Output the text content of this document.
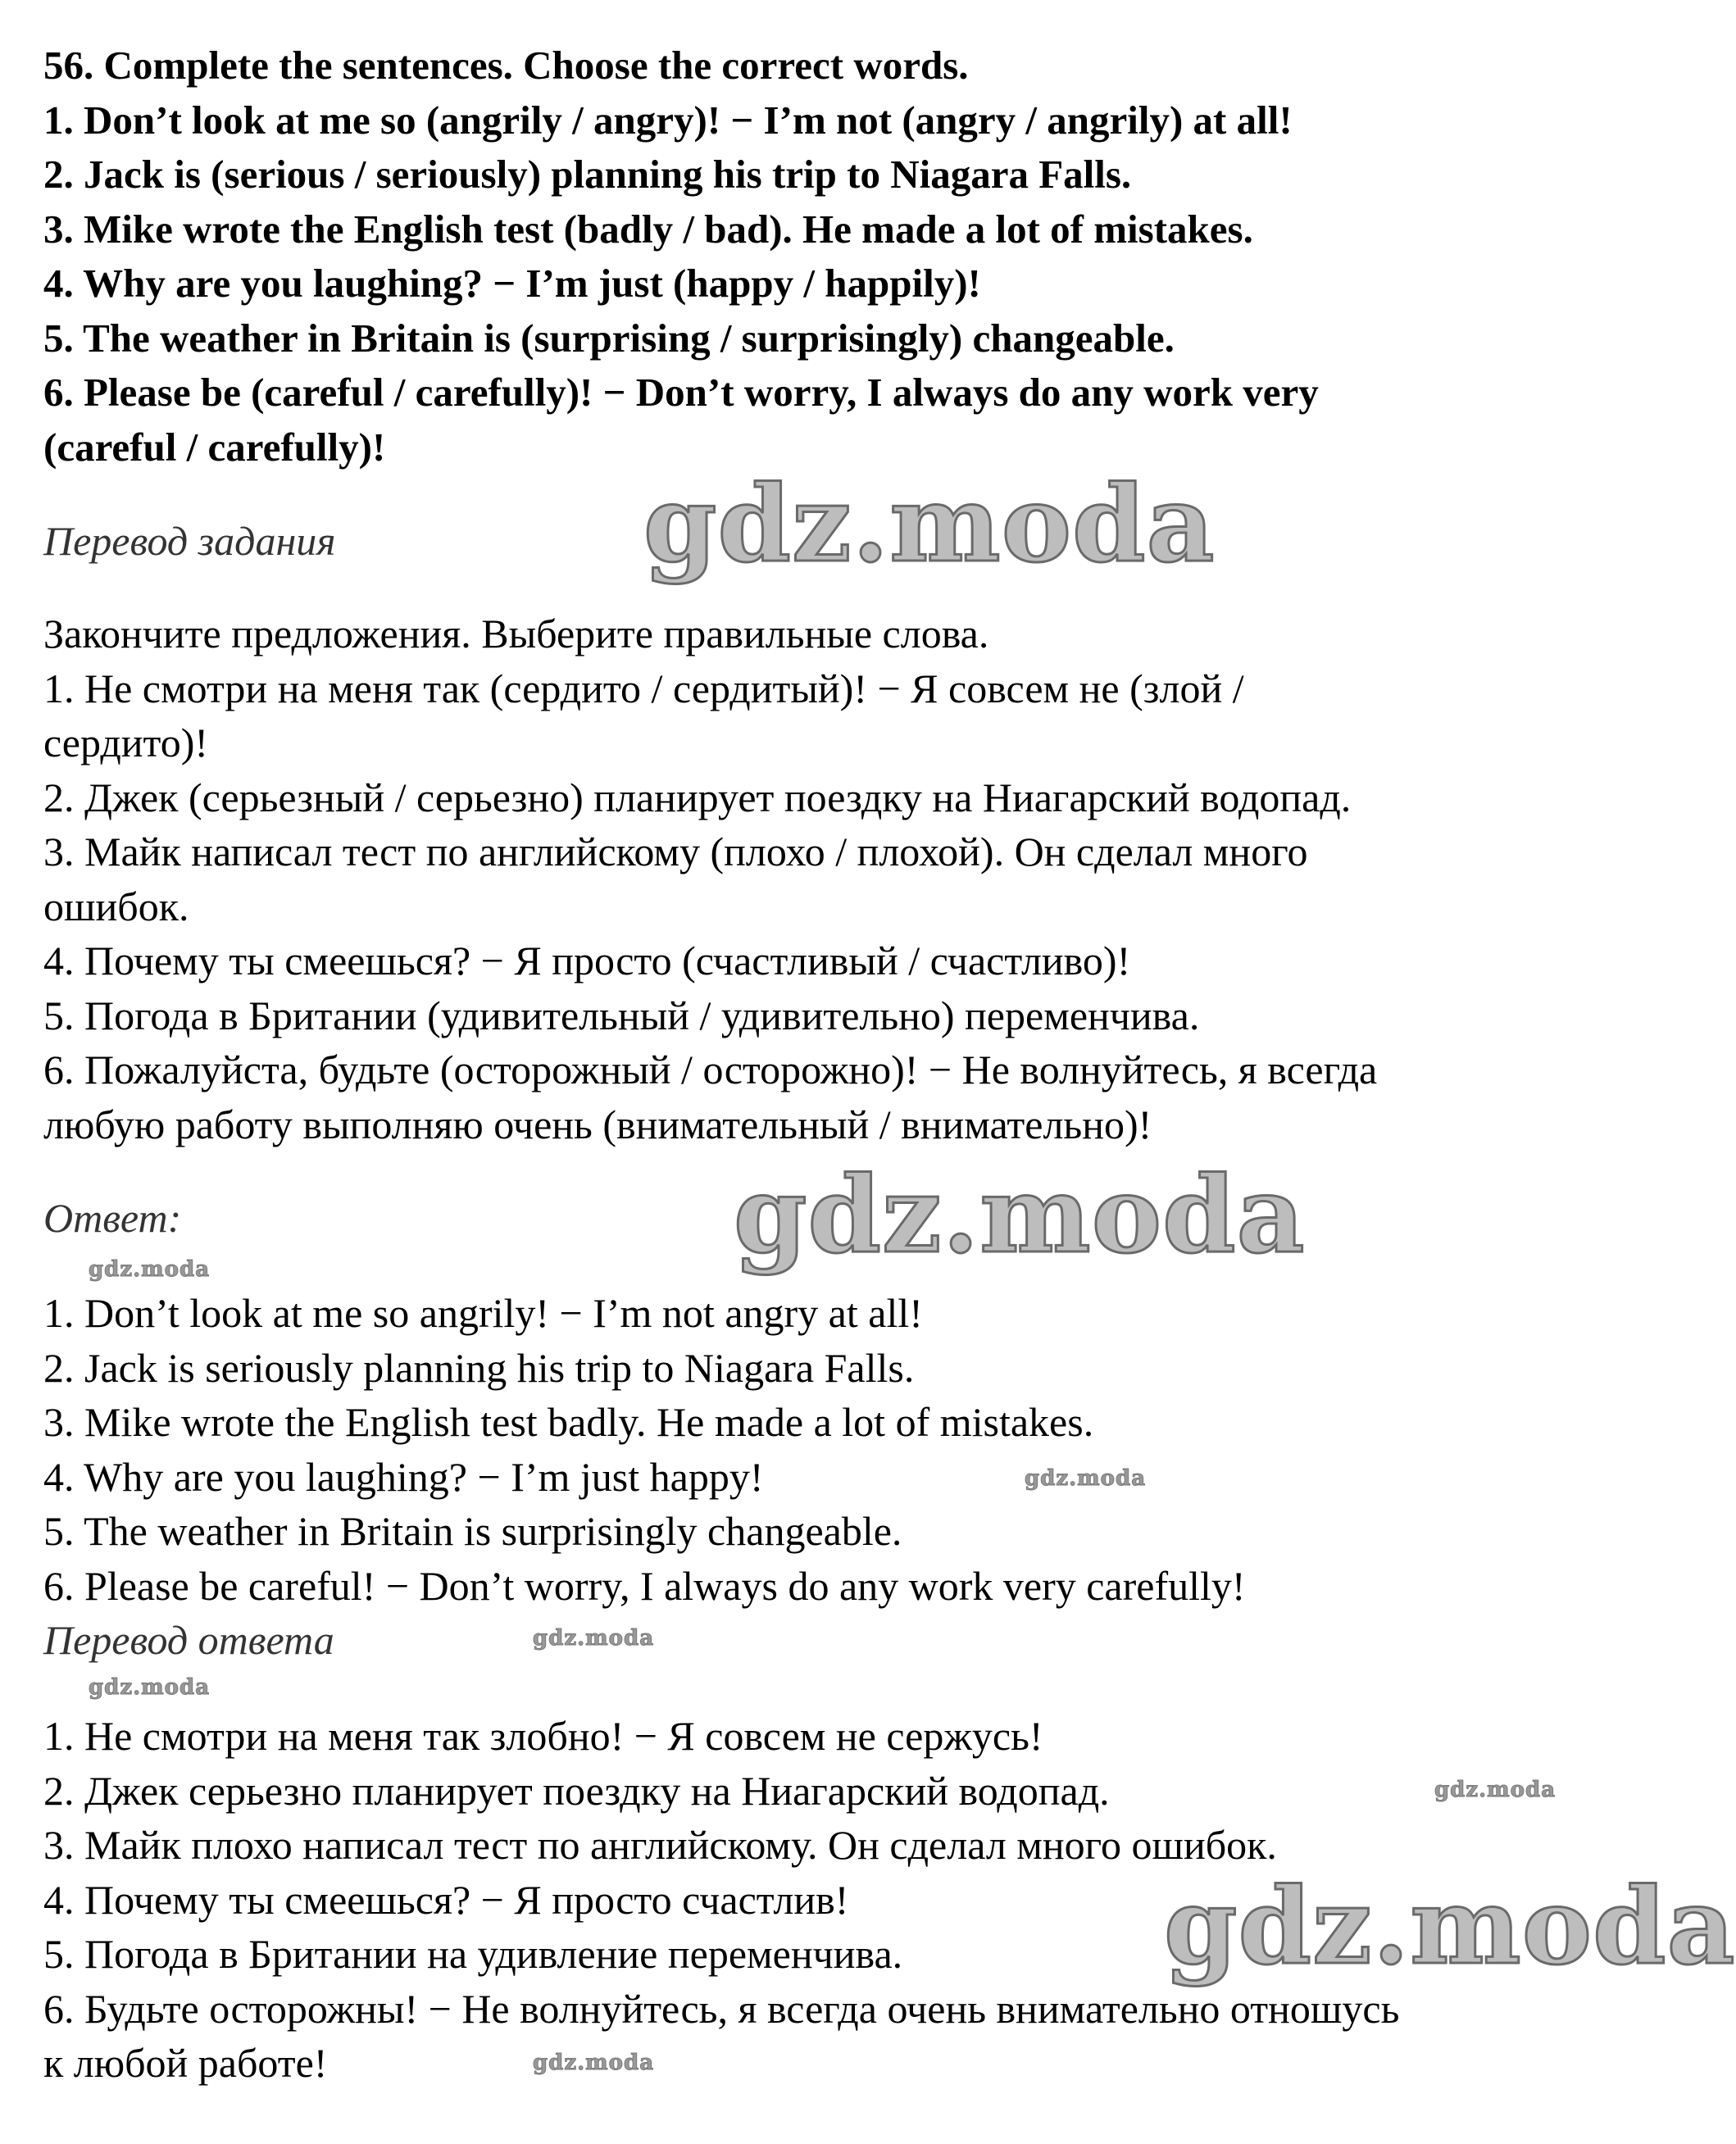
56. Complete the sentences. Choose the correct words.
1. Don’t look at me so (angrily / angry)! − I’m not (angry / angrily) at all!
2. Jack is (serious / seriously) planning his trip to Niagara Falls.
3. Mike wrote the English test (badly / bad). He made a lot of mistakes.
4. Why are you laughing? − I’m just (happy / happily)!
5. The weather in Britain is (surprising / surprisingly) changeable.
6. Please be (careful / carefully)! − Don’t worry, I always do any work very
(careful / carefully)!
Перевод задания
Закончите предложения. Выберите правильные слова.
1. Не смотри на меня так (сердито / сердитый)! − Я совсем не (злой /
сердито)!
2. Джек (серьезный / серьезно) планирует поездку на Ниагарский водопад.
3. Майк написал тест по английскому (плохо / плохой). Он сделал много
ошибок.
4. Почему ты смеешься? − Я просто (счастливый / счастливо)!
5. Погода в Британии (удивительный / удивительно) переменчива.
6. Пожалуйста, будьте (осторожный / осторожно)! − Не волнуйтесь, я всегда
любую работу выполняю очень (внимательный / внимательно)!
Ответ:
1. Don’t look at me so angrily! − I’m not angry at all!
2. Jack is seriously planning his trip to Niagara Falls.
3. Mike wrote the English test badly. He made a lot of mistakes.
4. Why are you laughing? − I’m just happy!
5. The weather in Britain is surprisingly changeable.
6. Please be careful! − Don’t worry, I always do any work very carefully!
Перевод ответа
1. Не смотри на меня так злобно! − Я совсем не сержусь!
2. Джек серьезно планирует поездку на Ниагарский водопад.
3. Майк плохо написал тест по английскому. Он сделал много ошибок.
4. Почему ты смеешься? − Я просто счастлив!
5. Погода в Британии на удивление переменчива.
6. Будьте осторожны! − Не волнуйтесь, я всегда очень внимательно отношусь
к любой работе!
gdz.moda
gdz.moda
gdz.moda
gdz.moda
gdz.moda
gdz.moda
gdz.moda
gdz.moda
gdz.moda
